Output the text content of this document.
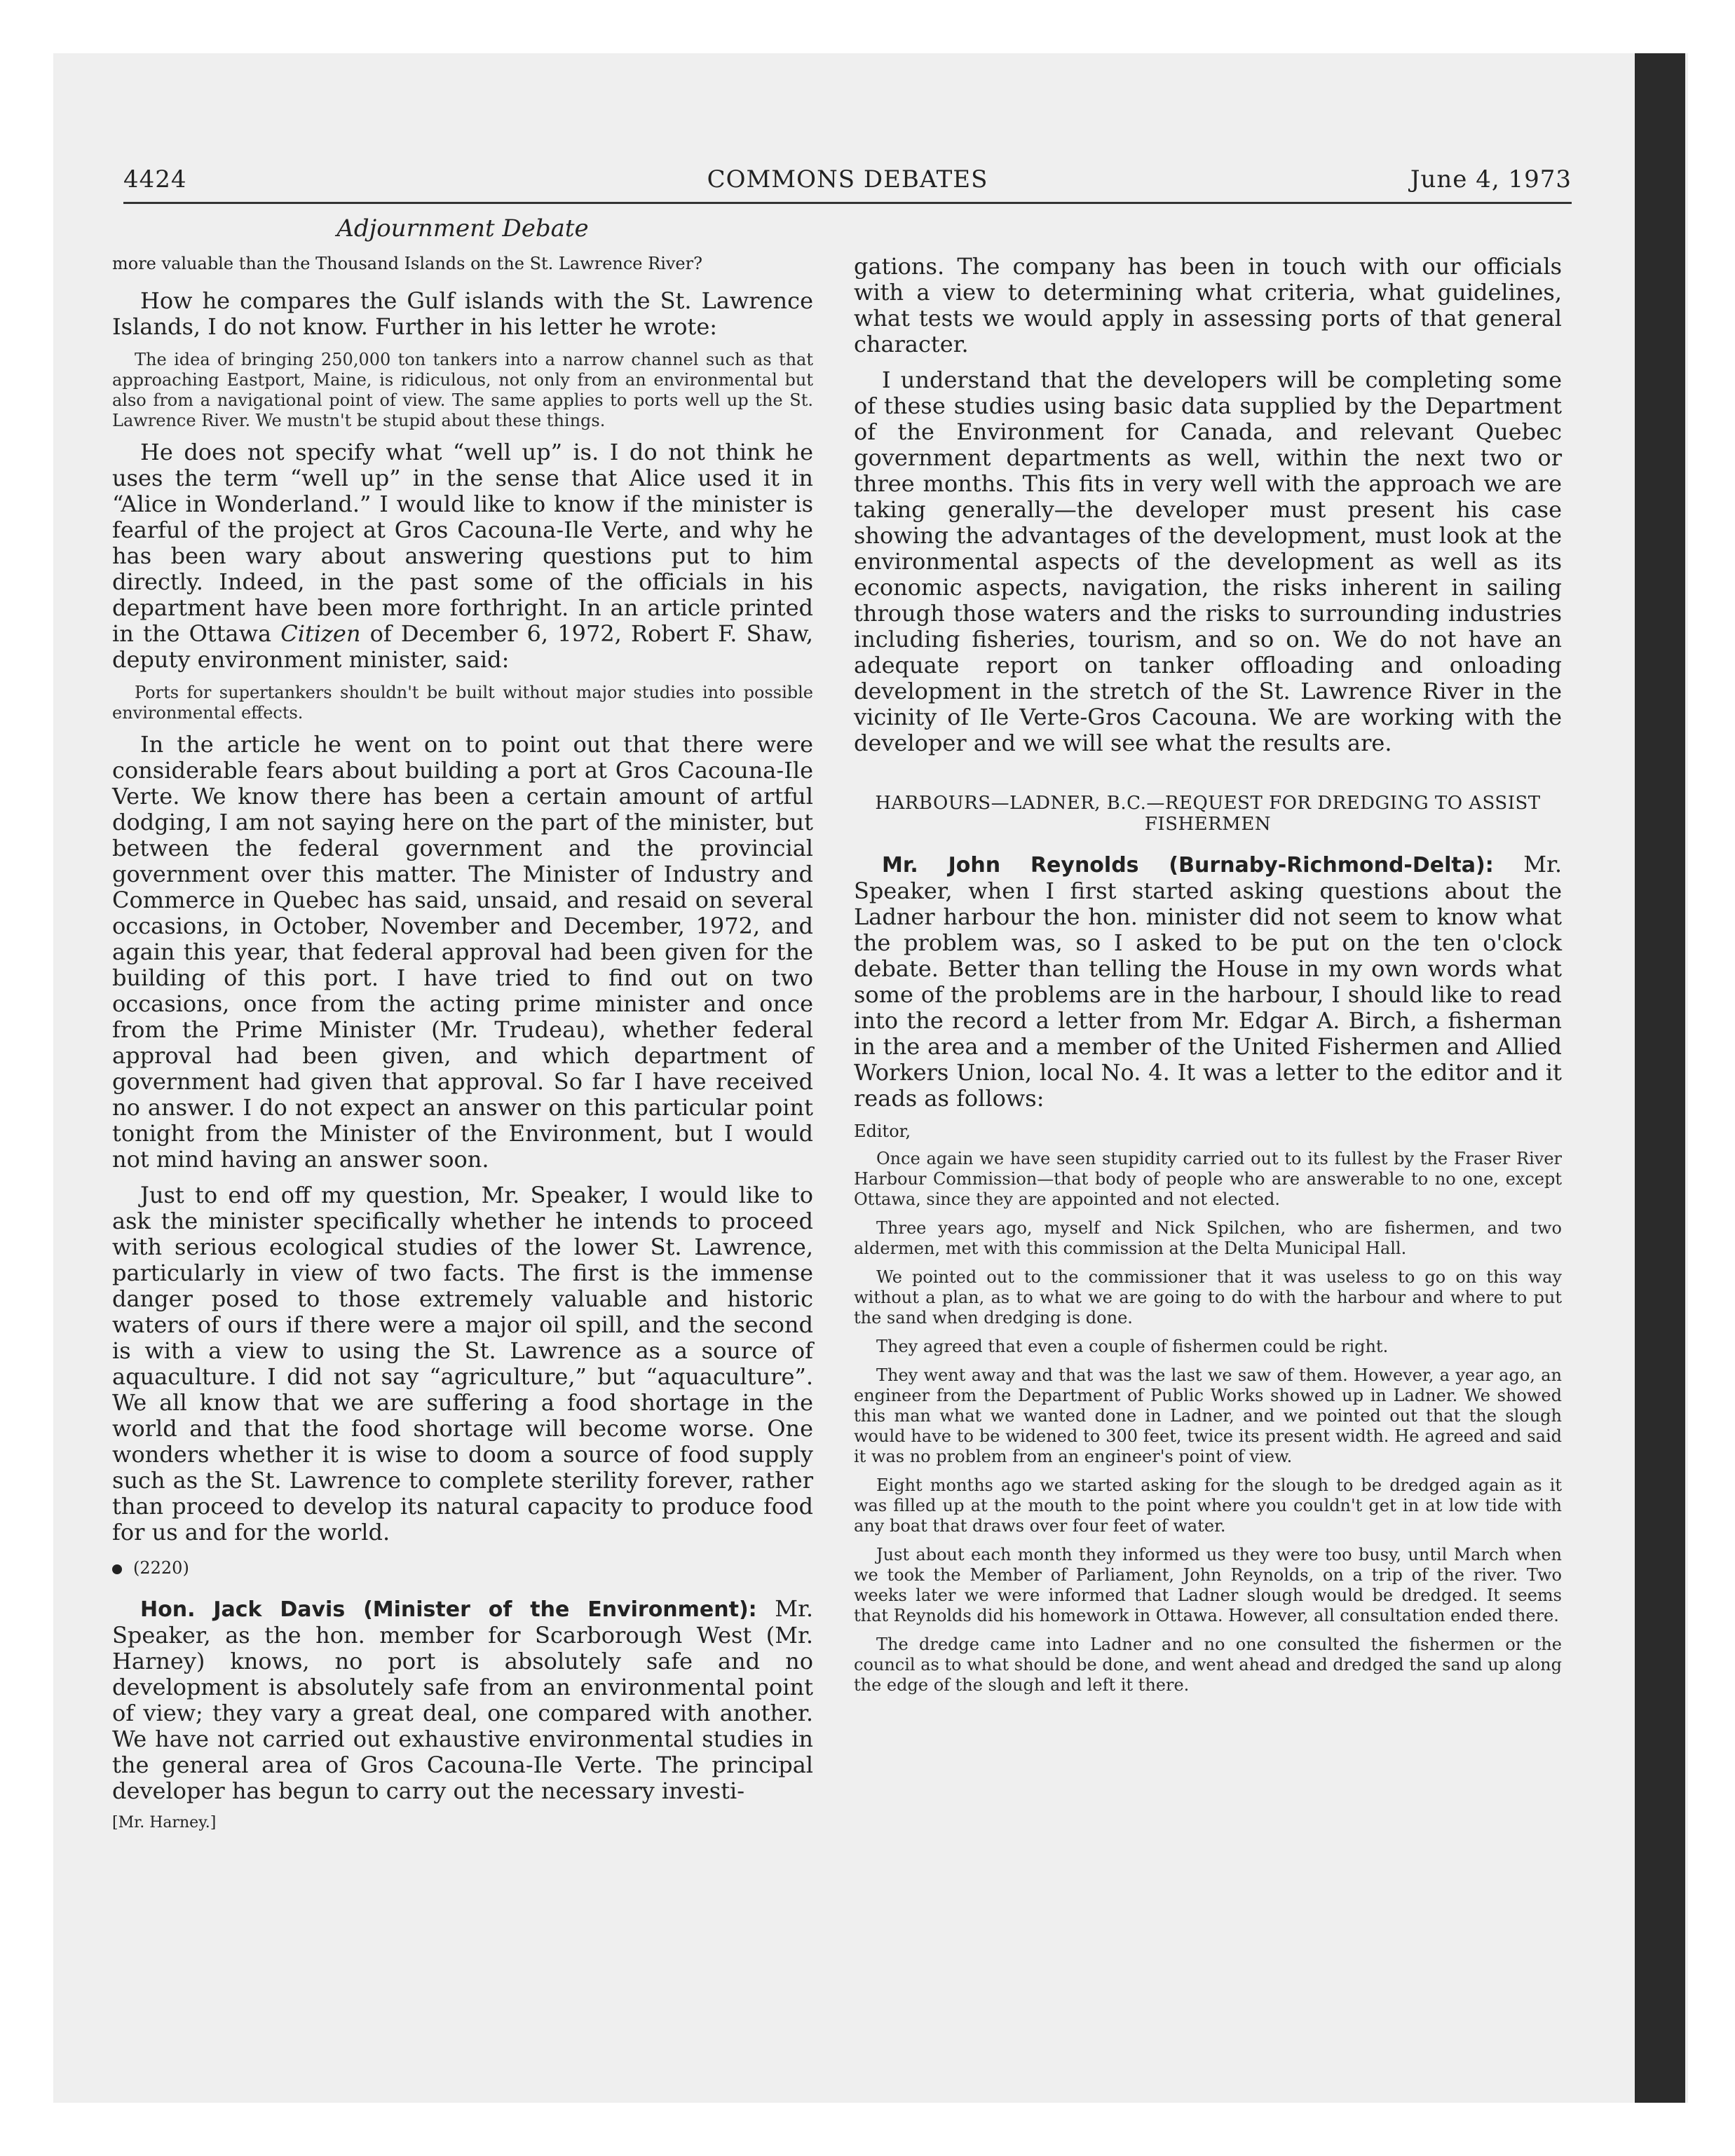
4424	COMMONS DEBATES	June 4, 1973
Adjournment Debate

more valuable than the Thousand Islands on the St. Lawrence River?

How he compares the Gulf islands with the St. Lawrence Islands, I do not know. Further in his letter he wrote:

The idea of bringing 250,000 ton tankers into a narrow channel such as that approaching Eastport, Maine, is ridiculous, not only from an environmental but also from a navigational point of view. The same applies to ports well up the St. Lawrence River. We mustn't be stupid about these things.

He does not specify what “well up” is. I do not think he uses the term “well up” in the sense that Alice used it in “Alice in Wonderland.” I would like to know if the minister is fearful of the project at Gros Cacouna-Ile Verte, and why he has been wary about answering questions put to him directly. Indeed, in the past some of the officials in his department have been more forthright. In an article printed in the Ottawa Citizen of December 6, 1972, Robert F. Shaw, deputy environment minister, said:

Ports for supertankers shouldn't be built without major studies into possible environmental effects.

In the article he went on to point out that there were considerable fears about building a port at Gros Cacouna-Ile Verte. We know there has been a certain amount of artful dodging, I am not saying here on the part of the minister, but between the federal government and the provincial government over this matter. The Minister of Industry and Commerce in Quebec has said, unsaid, and resaid on several occasions, in October, November and December, 1972, and again this year, that federal approval had been given for the building of this port. I have tried to find out on two occasions, once from the acting prime minister and once from the Prime Minister (Mr. Trudeau), whether federal approval had been given, and which department of government had given that approval. So far I have received no answer. I do not expect an answer on this particular point tonight from the Minister of the Environment, but I would not mind having an answer soon.

Just to end off my question, Mr. Speaker, I would like to ask the minister specifically whether he intends to proceed with serious ecological studies of the lower St. Lawrence, particularly in view of two facts. The first is the immense danger posed to those extremely valuable and historic waters of ours if there were a major oil spill, and the second is with a view to using the St. Lawrence as a source of aquaculture. I did not say “agriculture,” but “aquaculture”. We all know that we are suffering a food shortage in the world and that the food shortage will become worse. One wonders whether it is wise to doom a source of food supply such as the St. Lawrence to complete sterility forever, rather than proceed to develop its natural capacity to produce food for us and for the world.

(2220)

Hon. Jack Davis (Minister of the Environment): Mr. Speaker, as the hon. member for Scarborough West (Mr. Harney) knows, no port is absolutely safe and no development is absolutely safe from an environmental point of view; they vary a great deal, one compared with another. We have not carried out exhaustive environmental studies in the general area of Gros Cacouna-Ile Verte. The principal developer has begun to carry out the necessary investi-

[Mr. Harney.]

gations. The company has been in touch with our officials with a view to determining what criteria, what guidelines, what tests we would apply in assessing ports of that general character.

I understand that the developers will be completing some of these studies using basic data supplied by the Department of the Environment for Canada, and relevant Quebec government departments as well, within the next two or three months. This fits in very well with the approach we are taking generally—the developer must present his case showing the advantages of the development, must look at the environmental aspects of the development as well as its economic aspects, navigation, the risks inherent in sailing through those waters and the risks to surrounding industries including fisheries, tourism, and so on. We do not have an adequate report on tanker offloading and onloading development in the stretch of the St. Lawrence River in the vicinity of Ile Verte-Gros Cacouna. We are working with the developer and we will see what the results are.

HARBOURS—LADNER, B.C.—REQUEST FOR DREDGING TO ASSIST FISHERMEN

Mr. John Reynolds (Burnaby-Richmond-Delta): Mr. Speaker, when I first started asking questions about the Ladner harbour the hon. minister did not seem to know what the problem was, so I asked to be put on the ten o'clock debate. Better than telling the House in my own words what some of the problems are in the harbour, I should like to read into the record a letter from Mr. Edgar A. Birch, a fisherman in the area and a member of the United Fishermen and Allied Workers Union, local No. 4. It was a letter to the editor and it reads as follows:

Editor,

Once again we have seen stupidity carried out to its fullest by the Fraser River Harbour Commission—that body of people who are answerable to no one, except Ottawa, since they are appointed and not elected.

Three years ago, myself and Nick Spilchen, who are fishermen, and two aldermen, met with this commission at the Delta Municipal Hall.

We pointed out to the commissioner that it was useless to go on this way without a plan, as to what we are going to do with the harbour and where to put the sand when dredging is done.

They agreed that even a couple of fishermen could be right.

They went away and that was the last we saw of them. However, a year ago, an engineer from the Department of Public Works showed up in Ladner. We showed this man what we wanted done in Ladner, and we pointed out that the slough would have to be widened to 300 feet, twice its present width. He agreed and said it was no problem from an engineer's point of view.

Eight months ago we started asking for the slough to be dredged again as it was filled up at the mouth to the point where you couldn't get in at low tide with any boat that draws over four feet of water.

Just about each month they informed us they were too busy, until March when we took the Member of Parliament, John Reynolds, on a trip of the river. Two weeks later we were informed that Ladner slough would be dredged. It seems that Reynolds did his homework in Ottawa. However, all consultation ended there.

The dredge came into Ladner and no one consulted the fishermen or the council as to what should be done, and went ahead and dredged the sand up along the edge of the slough and left it there.
